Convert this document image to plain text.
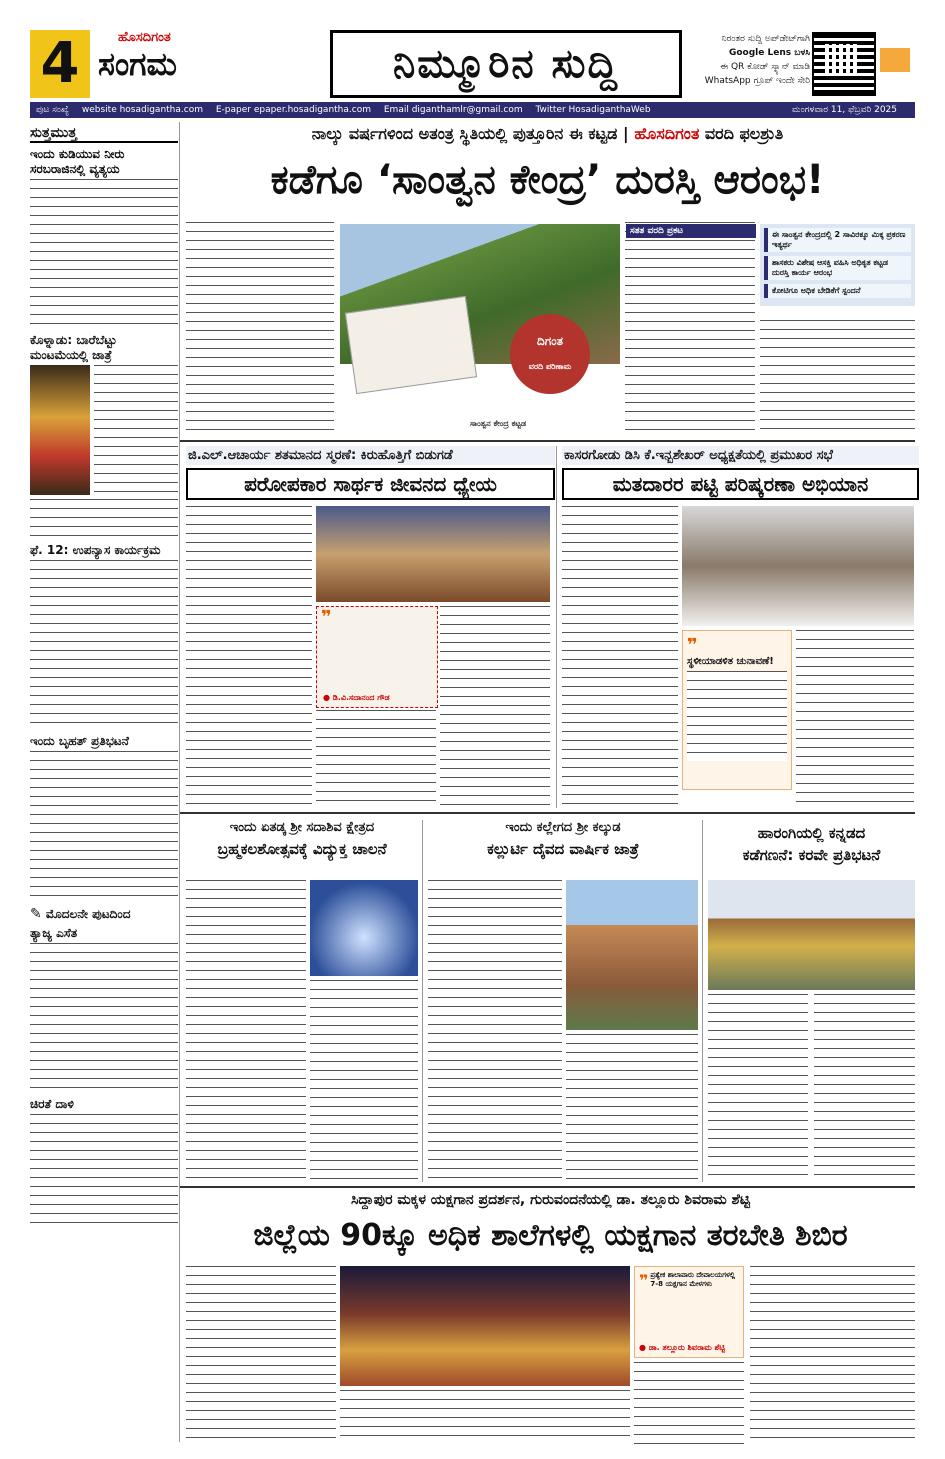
4	ಹೊಸದಿಗಂತ
ಸಂಗಮ	ನಿಮ್ಮೂರಿನ ಸುದ್ದಿ
ನಿರಂತರ ಸುದ್ದಿ ಅಪ್‌ಡೇಟ್‌ಗಾಗಿ
Google Lens ಬಳಸಿ
ಈ QR ಕೋಡ್ ಸ್ಕ್ಯಾನ್ ಮಾಡಿ
WhatsApp ಗ್ರೂಪ್ ಇಂದೇ ಸೇರಿ
ಪುಟ ಸಂಖ್ಯೆ website hosadigantha.com E-paper epaper.hosadigantha.com Email diganthamlr@gmail.com Twitter HosadiganthaWeb	ಮಂಗಳವಾರ 11, ಫೆಬ್ರವರಿ 2025
ಸುತ್ತಮುತ್ತ
ಇಂದು ಕುಡಿಯುವ ನೀರು ಸರಬರಾಜಿನಲ್ಲಿ ವ್ಯತ್ಯಯ
ಕೊಳ್ನಾಡು: ಬಾರೆಬೆಟ್ಟು ಮಂಟಮೆಯಲ್ಲಿ ಜಾತ್ರೆ
ಫೆ. 12: ಉಪನ್ಯಾಸ ಕಾರ್ಯಕ್ರಮ
ಇಂದು ಬೃಹತ್ ಪ್ರತಿಭಟನೆ
✎ ಮೊದಲನೇ ಪುಟದಿಂದ
ತ್ಯಾಜ್ಯ ಎಸೆತ
ಚಿರತೆ ದಾಳಿ
ನಾಲ್ಕು ವರ್ಷಗಳಿಂದ ಅತಂತ್ರ ಸ್ಥಿತಿಯಲ್ಲಿ ಪುತ್ತೂರಿನ ಈ ಕಟ್ಟಡ | ಹೊಸದಿಗಂತ ವರದಿ ಫಲಶ್ರುತಿ
ಕಡೆಗೂ ‘ಸಾಂತ್ವನ ಕೇಂದ್ರ’ ದುರಸ್ತಿ ಆರಂಭ!
ದಿಗಂತ
ವರದಿ ಪರಿಣಾಮ
ಸಾಂತ್ವನ ಕೇಂದ್ರ ಕಟ್ಟಡ
ಸತತ ವರದಿ ಪ್ರಕಟ	ಈ ಸಾಂತ್ವನ ಕೇಂದ್ರದಲ್ಲಿ 2 ಸಾವಿರಕ್ಕೂ ಮಿಕ್ಕ ಪ್ರಕರಣ ಇತ್ಯರ್ಥ
ಶಾಸಕರು ವಿಶೇಷ ಆಸಕ್ತಿ ವಹಿಸಿ ಅಧಿಕೃತ ಕಟ್ಟಡ ದುರಸ್ತಿ ಕಾರ್ಯ ಆರಂಭ
ಕೋಟಿಗೂ ಅಧಿಕ ಬೇಡಿಕೆಗೆ ಸ್ಪಂದನೆ
ಜಿ.ಎಲ್.ಆಚಾರ್ಯ ಶತಮಾನದ ಸ್ಮರಣೆ: ಕಿರುಹೊತ್ತಿಗೆ ಬಿಡುಗಡೆ
ಪರೋಪಕಾರ ಸಾರ್ಥಕ ಜೀವನದ ಧ್ಯೇಯ
❞
● ಡಿ.ವಿ.ಸದಾನಂದ ಗೌಡ
ಕಾಸರಗೋಡು ಡಿಸಿ ಕೆ.ಇನ್ಬಶೇಖರ್ ಅಧ್ಯಕ್ಷತೆಯಲ್ಲಿ ಪ್ರಮುಖರ ಸಭೆ
ಮತದಾರರ ಪಟ್ಟಿ ಪರಿಷ್ಕರಣಾ ಅಭಿಯಾನ
❞
ಸ್ಥಳೀಯಾಡಳಿತ ಚುನಾವಣೆ!
ಇಂದು ಏತಡ್ಕ ಶ್ರೀ ಸದಾಶಿವ ಕ್ಷೇತ್ರದ
ಬ್ರಹ್ಮಕಲಶೋತ್ಸವಕ್ಕೆ ವಿದ್ಯುಕ್ತ ಚಾಲನೆ
ಇಂದು ಕಲ್ಲೇಗದ ಶ್ರೀ ಕಲ್ಕುಡ
ಕಲ್ಲುರ್ಟಿ ದೈವದ ವಾರ್ಷಿಕ ಜಾತ್ರೆ
ಹಾರಂಗಿಯಲ್ಲಿ ಕನ್ನಡದ
ಕಡೆಗಣನೆ: ಕರವೇ ಪ್ರತಿಭಟನೆ
ಸಿದ್ದಾಪುರ ಮಕ್ಕಳ ಯಕ್ಷಗಾನ ಪ್ರದರ್ಶನ, ಗುರುವಂದನೆಯಲ್ಲಿ ಡಾ. ತಲ್ಲೂರು ಶಿವರಾಮ ಶೆಟ್ಟಿ
ಜಿಲ್ಲೆಯ 90ಕ್ಕೂ ಅಧಿಕ ಶಾಲೆಗಳಲ್ಲಿ ಯಕ್ಷಗಾನ ತರಬೇತಿ ಶಿಬಿರ
❞ ಪ್ರತ್ಯೇಕ ಶಾಲಾವಾರು ದೇವಾಲಯಗಳಲ್ಲಿ 7-8 ಯಕ್ಷಗಾನ ಮೇಳಗಳು
● ಡಾ. ತಲ್ಲೂರು ಶಿವರಾಮ ಶೆಟ್ಟಿ
